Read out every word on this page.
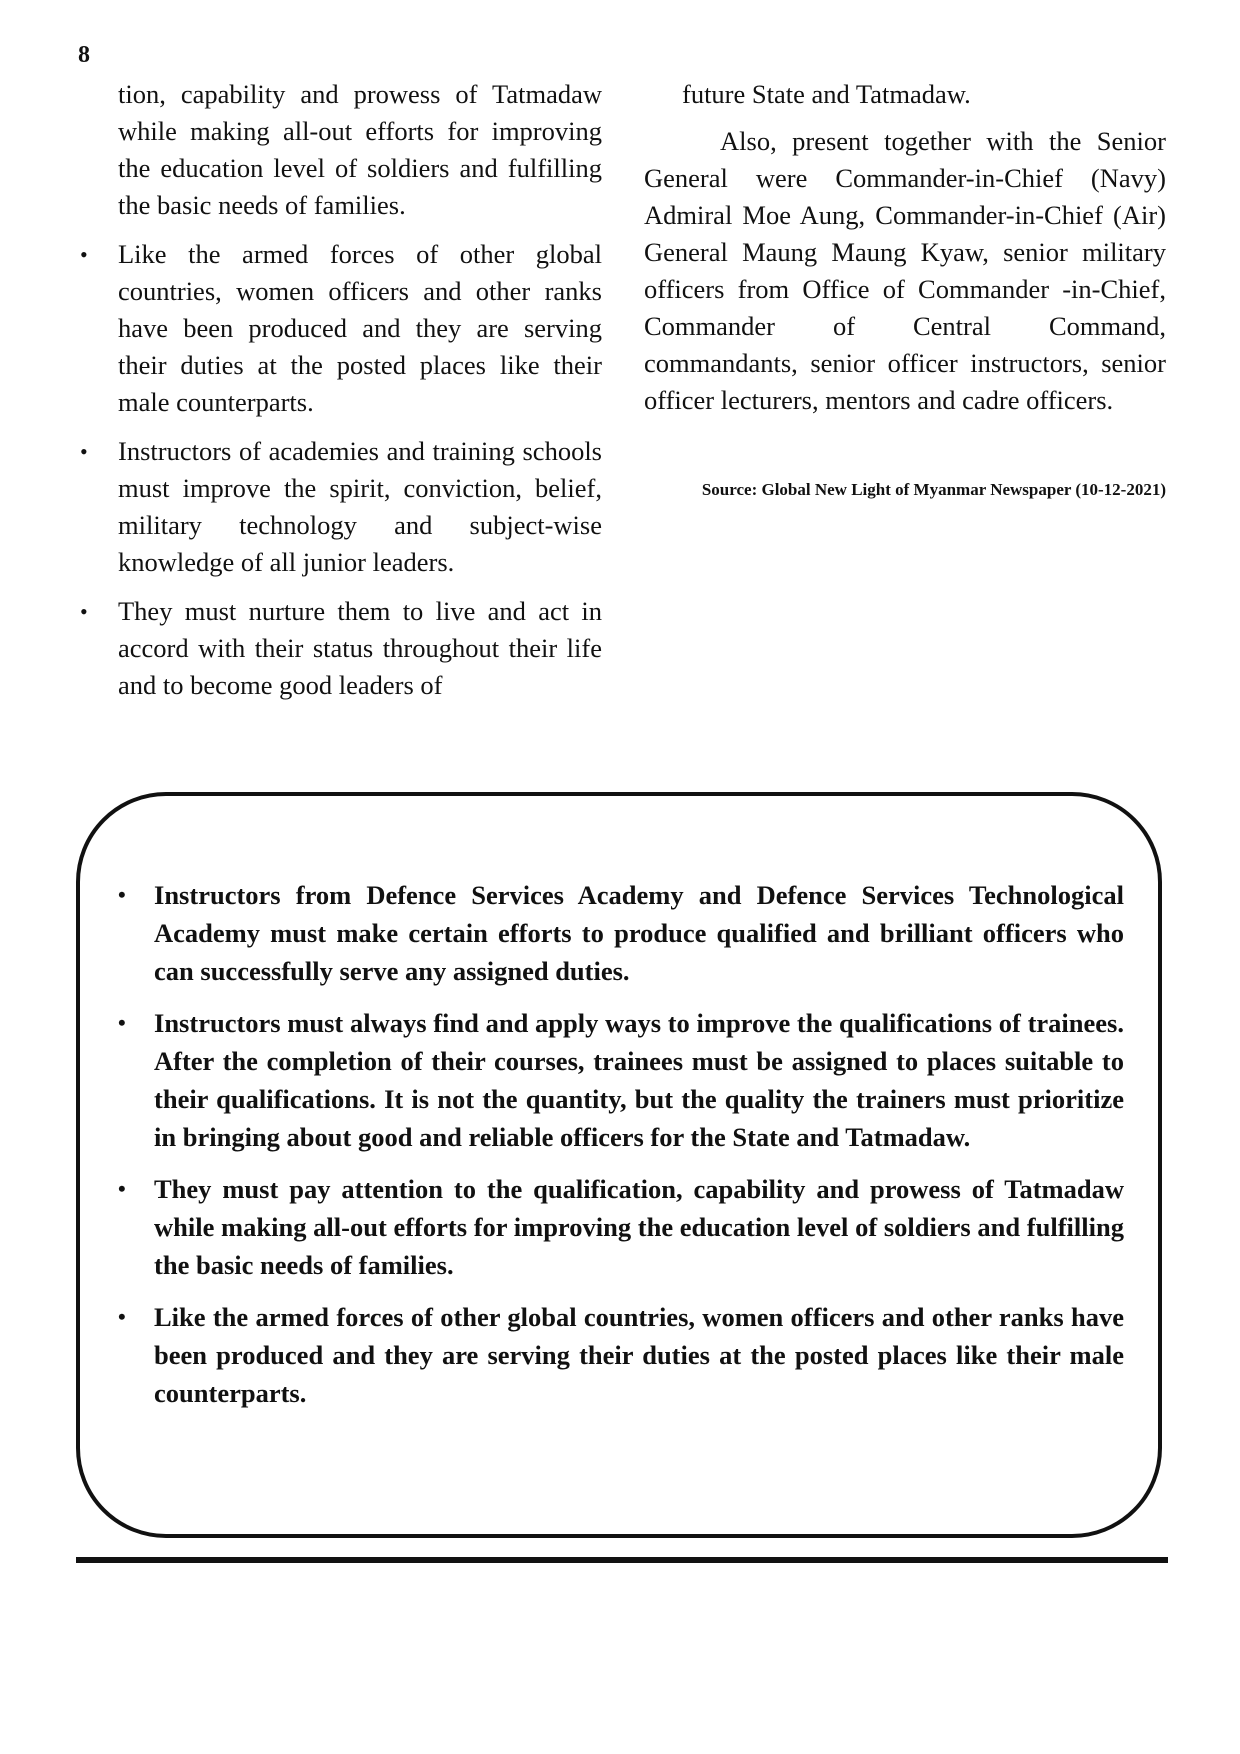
8

tion, capability and prowess of Tatmadaw while making all-out efforts for improving the education level of soldiers and fulfilling the basic needs of families.

• Like the armed forces of other global countries, women officers and other ranks have been produced and they are serving their duties at the posted places like their male counterparts.
• Instructors of academies and training schools must improve the spirit, conviction, belief, military technology and subject-wise knowledge of all junior leaders.
• They must nurture them to live and act in accord with their status throughout their life and to become good leaders of

future State and Tatmadaw.

Also, present together with the Senior General were Commander-in-Chief (Navy) Admiral Moe Aung, Commander-in-Chief (Air) General Maung Maung Kyaw, senior military officers from Office of Commander -in-Chief, Commander of Central Command, commandants, senior officer instructors, senior officer lecturers, mentors and cadre officers.

Source: Global New Light of Myanmar Newspaper (10-12-2021)
• Instructors from Defence Services Academy and Defence Services Technological Academy must make certain efforts to produce qualified and brilliant officers who can successfully serve any assigned duties.
• Instructors must always find and apply ways to improve the qualifications of trainees. After the completion of their courses, trainees must be assigned to places suitable to their qualifications. It is not the quantity, but the quality the trainers must prioritize in bringing about good and reliable officers for the State and Tatmadaw.
• They must pay attention to the qualification, capability and prowess of Tatmadaw while making all-out efforts for improving the education level of soldiers and fulfilling the basic needs of families.
• Like the armed forces of other global countries, women officers and other ranks have been produced and they are serving their duties at the posted places like their male counterparts.
